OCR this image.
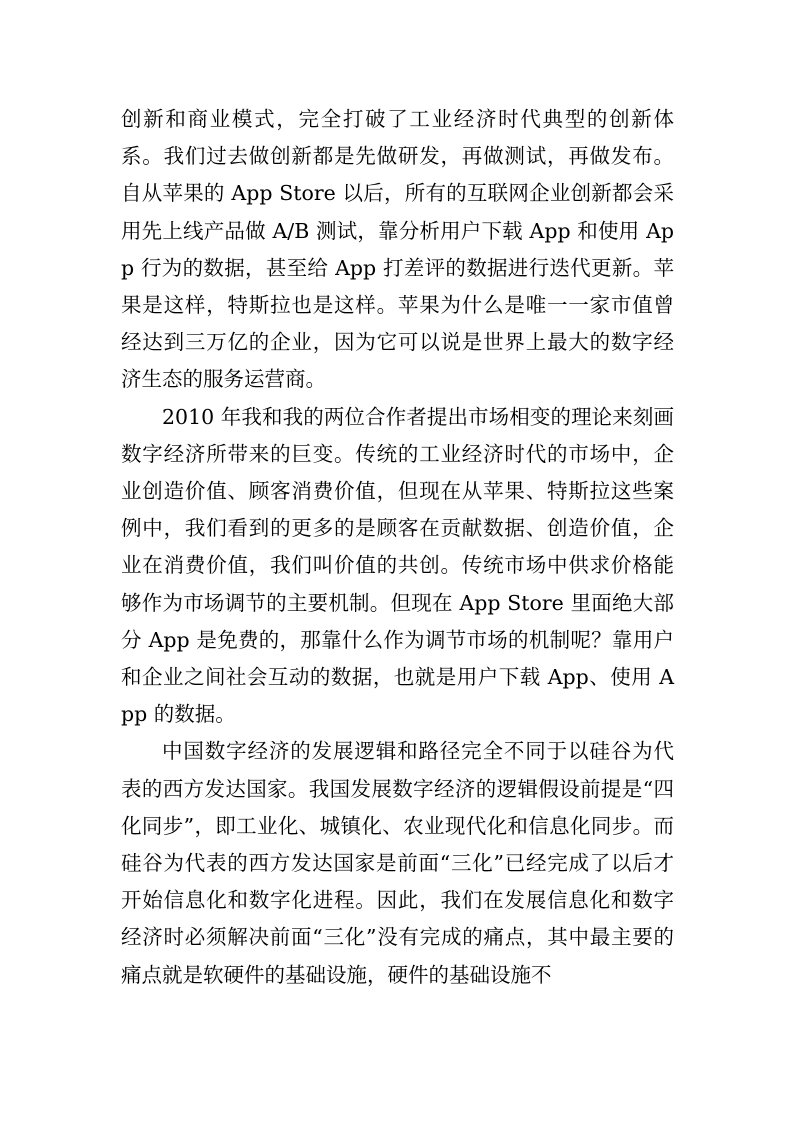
创新和商业模式，完全打破了工业经济时代典型的创新体系。我们过去做创新都是先做研发，再做测试，再做发布。自从苹果的 App Store 以后，所有的互联网企业创新都会采用先上线产品做 A/B 测试，靠分析用户下载 App 和使用 App 行为的数据，甚至给 App 打差评的数据进行迭代更新。苹果是这样，特斯拉也是这样。苹果为什么是唯一一家市值曾经达到三万亿的企业，因为它可以说是世界上最大的数字经济生态的服务运营商。

2010 年我和我的两位合作者提出市场相变的理论来刻画数字经济所带来的巨变。传统的工业经济时代的市场中，企业创造价值、顾客消费价值，但现在从苹果、特斯拉这些案例中，我们看到的更多的是顾客在贡献数据、创造价值，企业在消费价值，我们叫价值的共创。传统市场中供求价格能够作为市场调节的主要机制。但现在 App Store 里面绝大部分 App 是免费的，那靠什么作为调节市场的机制呢？靠用户和企业之间社会互动的数据，也就是用户下载 App、使用 App 的数据。

中国数字经济的发展逻辑和路径完全不同于以硅谷为代表的西方发达国家。我国发展数字经济的逻辑假设前提是“四化同步”，即工业化、城镇化、农业现代化和信息化同步。而硅谷为代表的西方发达国家是前面“三化”已经完成了以后才开始信息化和数字化进程。因此，我们在发展信息化和数字经济时必须解决前面“三化”没有完成的痛点，其中最主要的痛点就是软硬件的基础设施，硬件的基础设施不
